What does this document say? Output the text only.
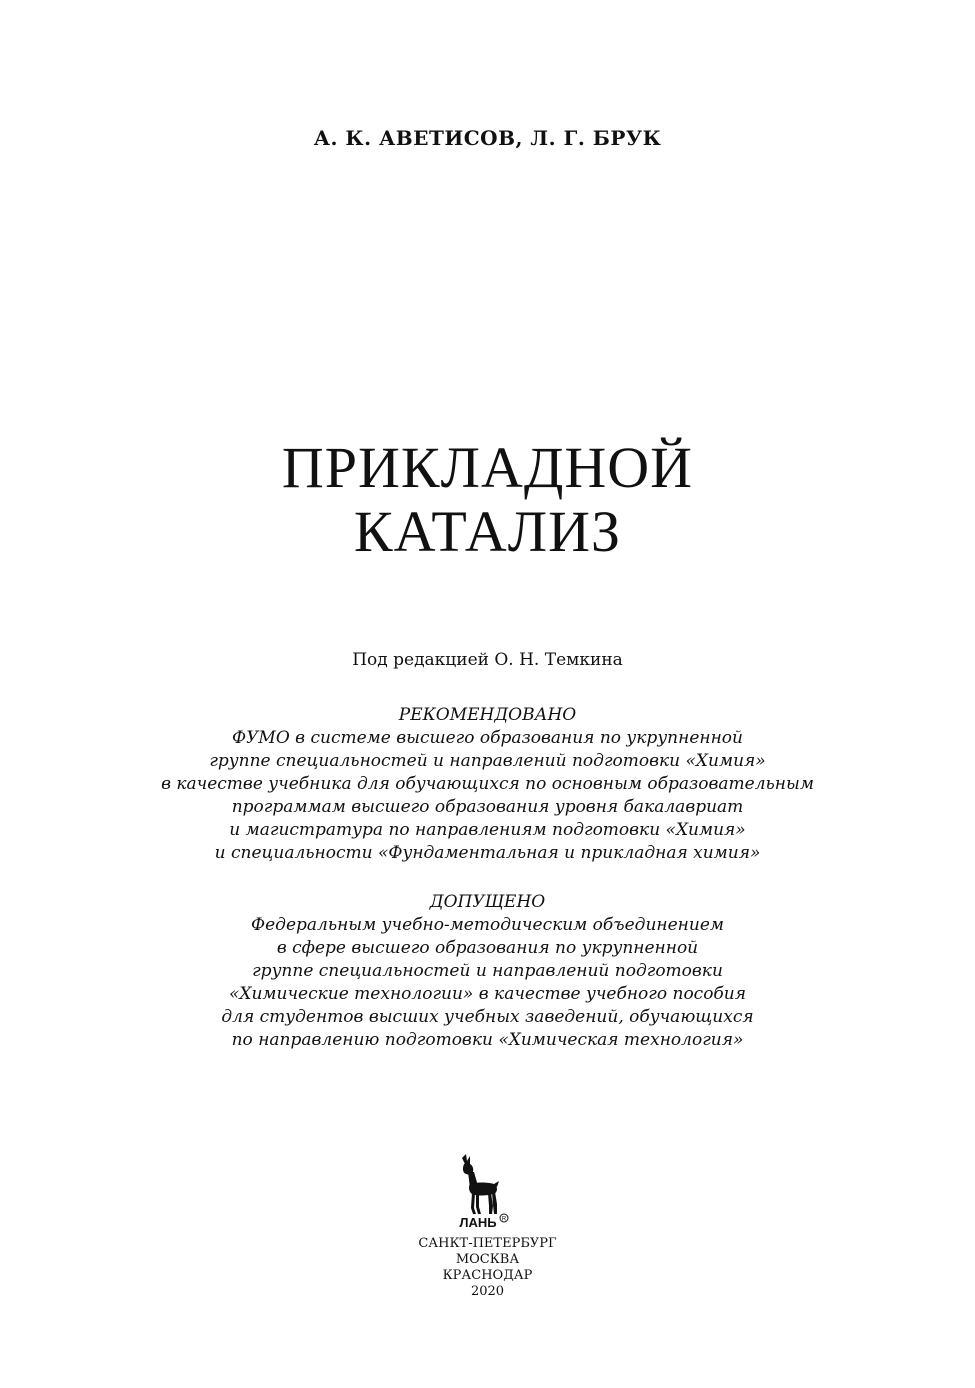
А. К. АВЕТИСОВ, Л. Г. БРУК
ПРИКЛАДНОЙ
КАТАЛИЗ
Под редакцией О. Н. Темкина
РЕКОМЕНДОВАНО
ФУМО в системе высшего образования по укрупненной
группе специальностей и направлений подготовки «Химия»
в качестве учебника для обучающихся по основным образовательным
программам высшего образования уровня бакалавриат
и магистратура по направлениям подготовки «Химия»
и специальности «Фундаментальная и прикладная химия»
ДОПУЩЕНО
Федеральным учебно-методическим объединением
в сфере высшего образования по укрупненной
группе специальностей и направлений подготовки
«Химические технологии» в качестве учебного пособия
для студентов высших учебных заведений, обучающихся
по направлению подготовки «Химическая технология»
ЛАНЬ R
САНКТ-ПЕТЕРБУРГ
МОСКВА
КРАСНОДАР
2020
